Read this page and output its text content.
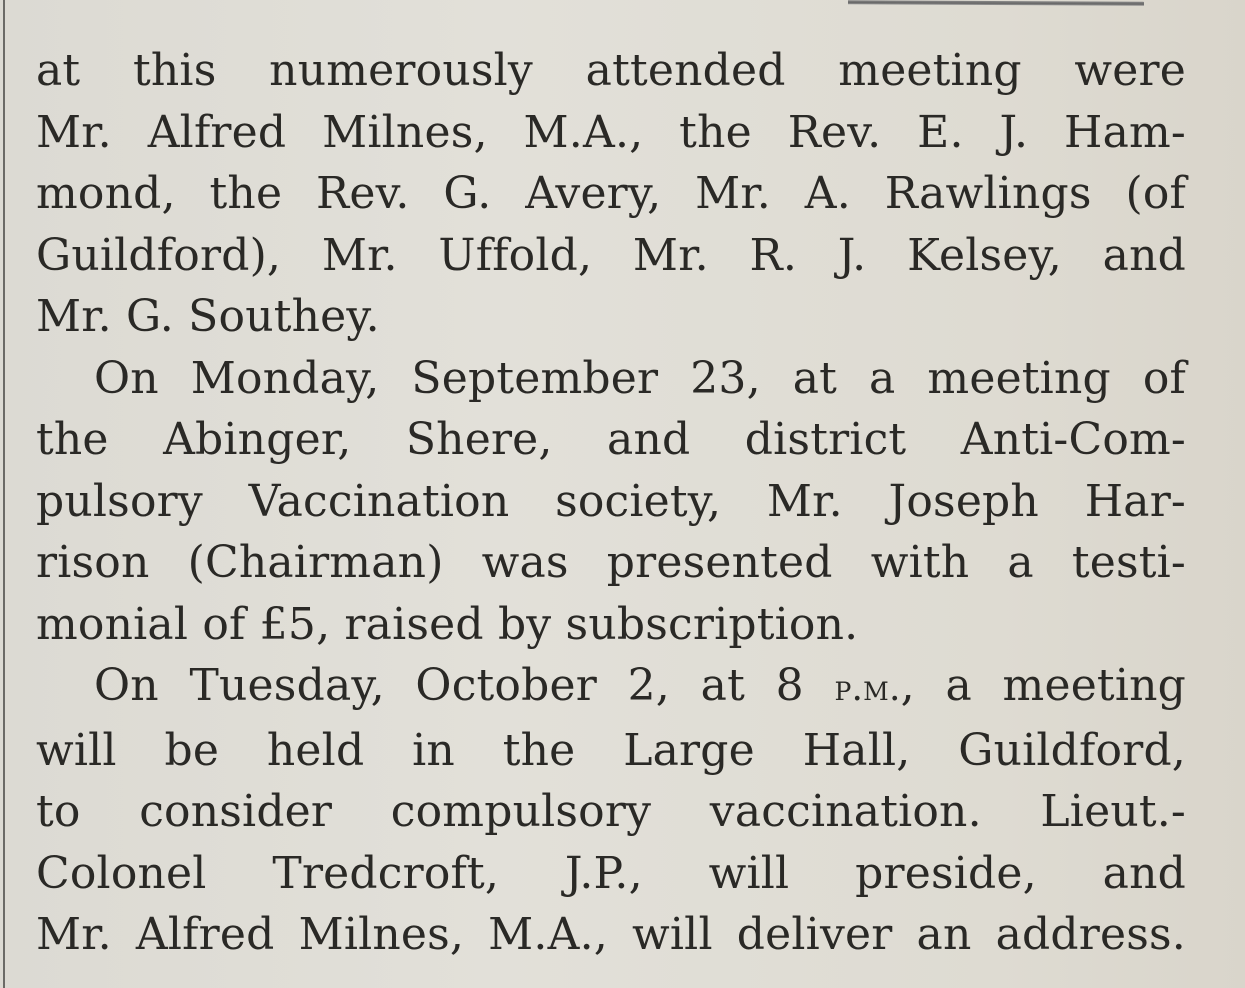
at this numerously attended meeting were
Mr. Alfred Milnes, M.A., the Rev. E. J. Ham-
mond, the Rev. G. Avery, Mr. A. Rawlings (of
Guildford), Mr. Uffold, Mr. R. J. Kelsey, and
Mr. G. Southey.
On Monday, September 23, at a meeting of
the Abinger, Shere, and district Anti-Com-
pulsory Vaccination society, Mr. Joseph Har-
rison (Chairman) was presented with a testi-
monial of £5, raised by subscription.
On Tuesday, October 2, at 8 p.m., a meeting
will be held in the Large Hall, Guildford,
to consider compulsory vaccination. Lieut.-
Colonel Tredcroft, J.P., will preside, and
Mr. Alfred Milnes, M.A., will deliver an address.
